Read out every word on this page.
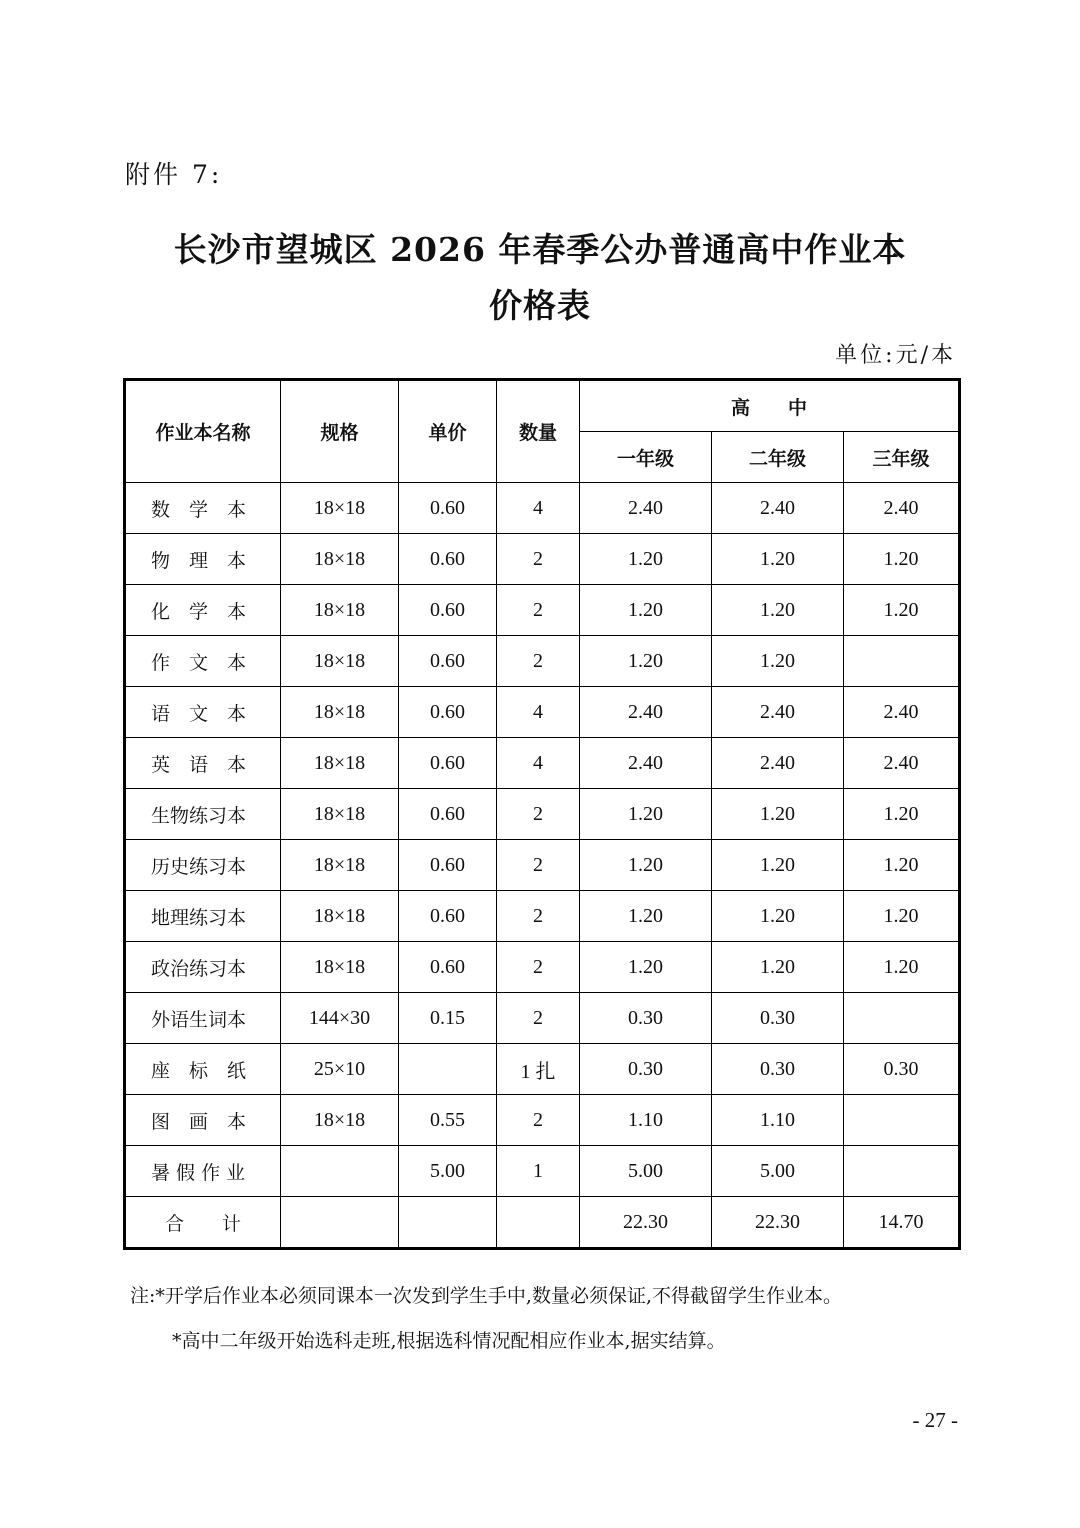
附件 7:
长沙市望城区 2026 年春季公办普通高中作业本
价格表
单位:元/本
作业本名称	规格	单价	数量	高　　中		
				一年级	二年级	三年级
数　学　本	18×18	0.60	4	2.40	2.40	2.40
物　理　本	18×18	0.60	2	1.20	1.20	1.20
化　学　本	18×18	0.60	2	1.20	1.20	1.20
作　文　本	18×18	0.60	2	1.20	1.20	
语　文　本	18×18	0.60	4	2.40	2.40	2.40
英　语　本	18×18	0.60	4	2.40	2.40	2.40
生物练习本	18×18	0.60	2	1.20	1.20	1.20
历史练习本	18×18	0.60	2	1.20	1.20	1.20
地理练习本	18×18	0.60	2	1.20	1.20	1.20
政治练习本	18×18	0.60	2	1.20	1.20	1.20
外语生词本	144×30	0.15	2	0.30	0.30	
座　标　纸	25×10		1 扎	0.30	0.30	0.30
图　画　本	18×18	0.55	2	1.10	1.10	
暑 假 作 业		5.00	1	5.00	5.00	
合　　计				22.30	22.30	14.70
注:*开学后作业本必须同课本一次发到学生手中,数量必须保证,不得截留学生作业本。
*高中二年级开始选科走班,根据选科情况配相应作业本,据实结算。
- 27 -
